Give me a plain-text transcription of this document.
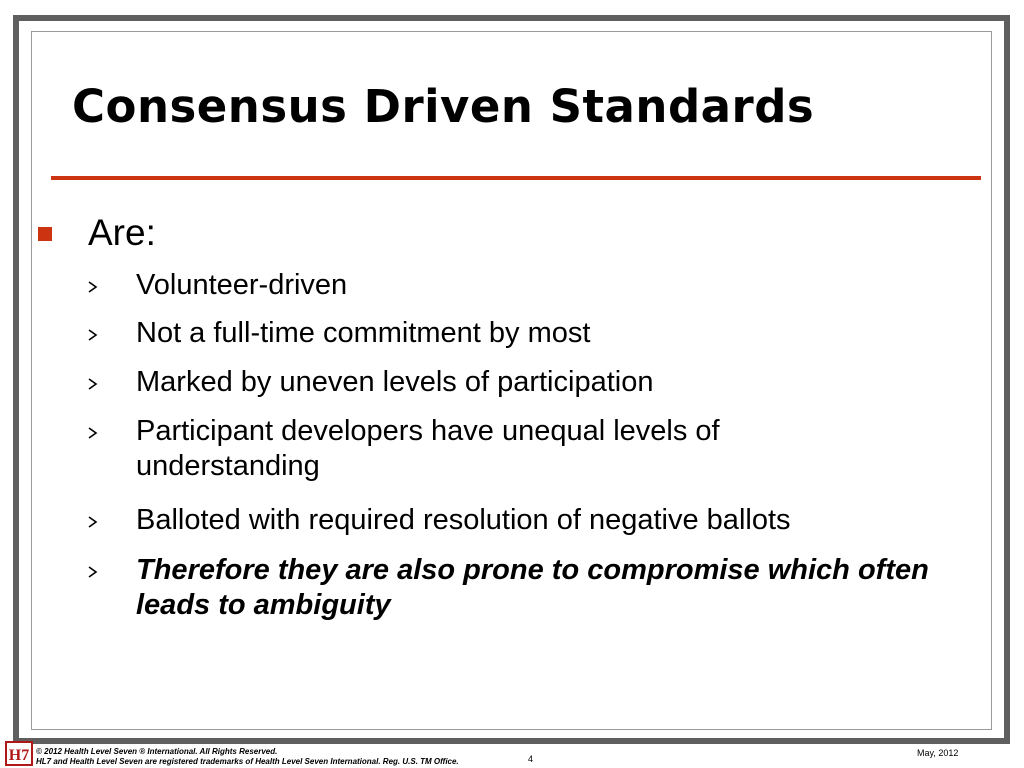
Consensus Driven Standards
Are:
Volunteer-driven
Not a full-time commitment by most
Marked by uneven levels of participation
Participant developers have unequal levels of understanding
Balloted with required resolution of negative ballots
Therefore they are also prone to compromise which often leads to ambiguity
H7 © 2012 Health Level Seven ® International. All Rights Reserved.
HL7 and Health Level Seven are registered trademarks of Health Level Seven International. Reg. U.S. TM Office.	4
May, 2012
